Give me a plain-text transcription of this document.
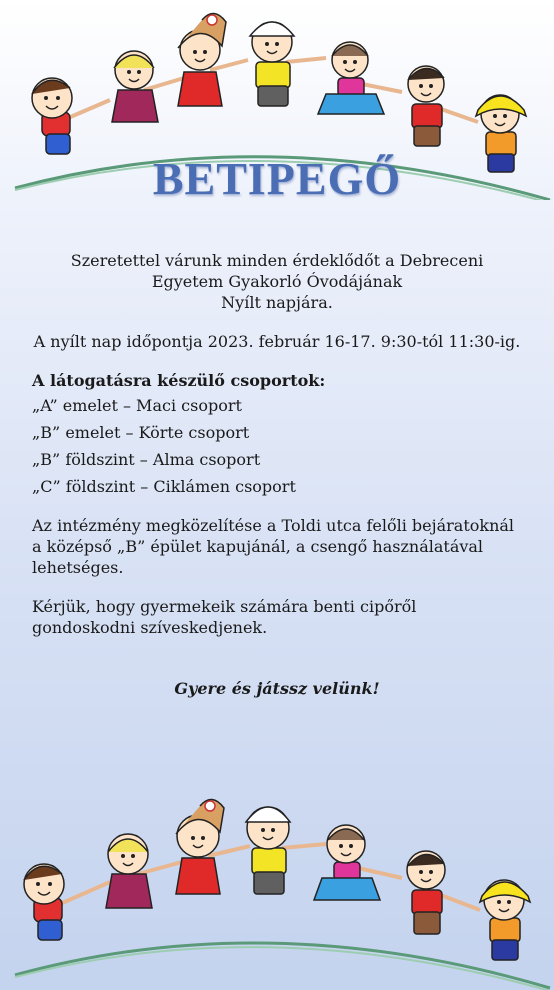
BETIPEGŐ
Szeretettel várunk minden érdeklődőt a Debreceni
Egyetem Gyakorló Óvodájának
Nyílt napjára.
A nyílt nap időpontja 2023. február 16-17. 9:30-tól 11:30-ig.
A látogatásra készülő csoportok:
„A” emelet – Maci csoport
„B” emelet – Körte csoport
„B” földszint – Alma csoport
„C” földszint – Ciklámen csoport
Az intézmény megközelítése a Toldi utca felőli bejáratoknál a középső „B” épület kapujánál, a csengő használatával lehetséges.
Kérjük, hogy gyermekeik számára benti cipőről gondoskodni szíveskedjenek.
Gyere és játssz velünk!
